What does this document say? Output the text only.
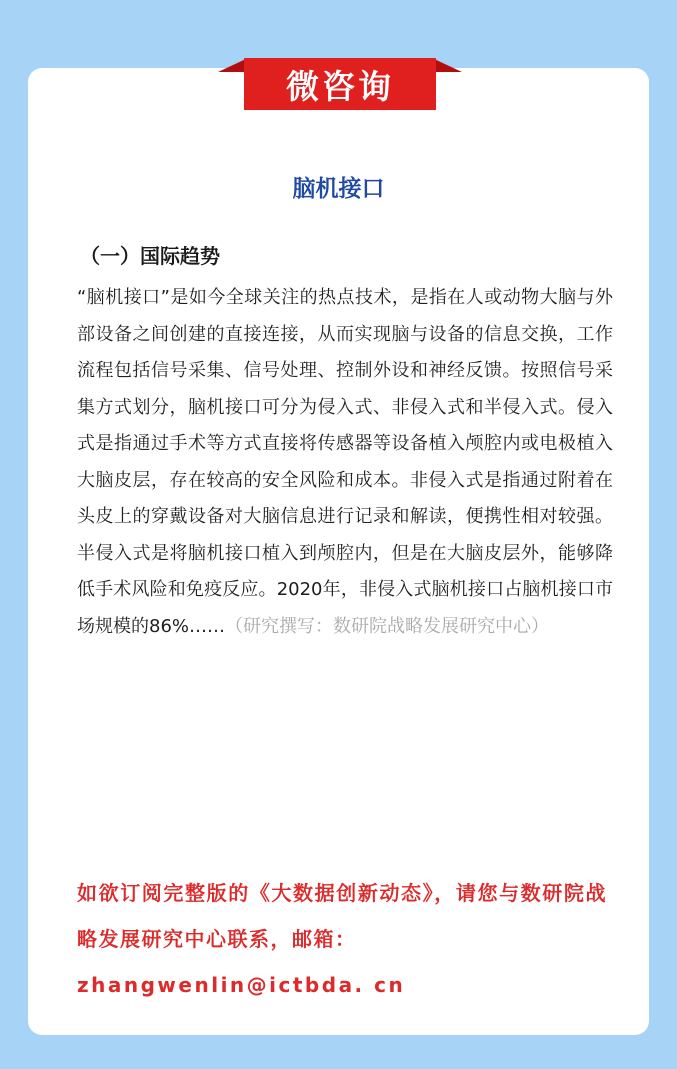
微咨询
脑机接口
（一）国际趋势

“脑机接口”是如今全球关注的热点技术，是指在人或动物大脑与外部设备之间创建的直接连接，从而实现脑与设备的信息交换，工作流程包括信号采集、信号处理、控制外设和神经反馈。按照信号采集方式划分，脑机接口可分为侵入式、非侵入式和半侵入式。侵入式是指通过手术等方式直接将传感器等设备植入颅腔内或电极植入大脑皮层，存在较高的安全风险和成本。非侵入式是指通过附着在头皮上的穿戴设备对大脑信息进行记录和解读，便携性相对较强。半侵入式是将脑机接口植入到颅腔内，但是在大脑皮层外，能够降低手术风险和免疫反应。2020年，非侵入式脑机接口占脑机接口市场规模的86%……（研究撰写：数研院战略发展研究中心）

如欲订阅完整版的《大数据创新动态》，请您与数研院战略发展研究中心联系，邮箱：
zhangwenlin@ictbda. cn
